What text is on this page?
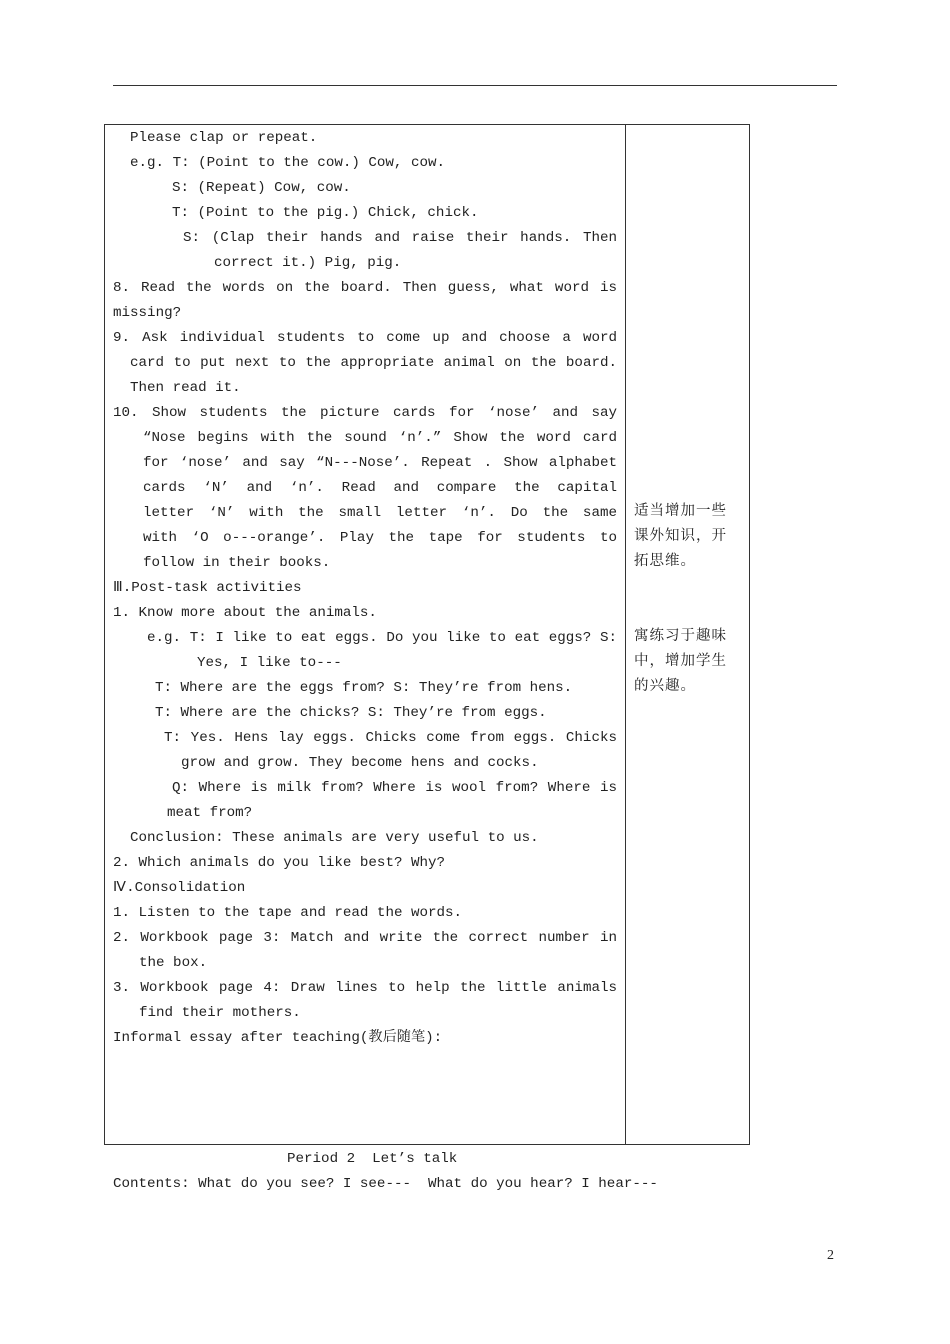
Please clap or repeat.
e.g. T: (Point to the cow.) Cow, cow.
S: (Repeat) Cow, cow.
T: (Point to the pig.) Chick, chick.
S: (Clap their hands and raise their hands. Then
correct it.) Pig, pig.
8. Read the words on the board. Then guess, what word is
missing?
9. Ask individual students to come up and choose a word
card to put next to the appropriate animal on the board.
Then read it.
10. Show students the picture cards for ‘nose’ and say
“Nose begins with the sound ‘n’.” Show the word card
for ‘nose’ and say “N---Nose’. Repeat . Show alphabet
cards ‘N’ and ‘n’. Read and compare the capital
letter ‘N’ with the small letter ‘n’. Do the same
with ‘O o---orange’. Play the tape for students to
follow in their books.
Ⅲ.Post-task activities
1. Know more about the animals.
e.g. T: I like to eat eggs. Do you like to eat eggs? S:
Yes, I like to---
T: Where are the eggs from? S: They’re from hens.
T: Where are the chicks? S: They’re from eggs.
T: Yes. Hens lay eggs. Chicks come from eggs. Chicks
grow and grow. They become hens and cocks.
Q: Where is milk from? Where is wool from? Where is
meat from?
Conclusion: These animals are very useful to us.
2. Which animals do you like best? Why?
Ⅳ.Consolidation
1. Listen to the tape and read the words.
2. Workbook page 3: Match and write the correct number in
the box.
3. Workbook page 4: Draw lines to help the little animals
find their mothers.
Informal essay after teaching(教后随笔):
适当增加一些
课外知识，开
拓思维。
寓练习于趣味
中，增加学生
的兴趣。
Period 2  Let’s talk
Contents: What do you see? I see---  What do you hear? I hear---
2
